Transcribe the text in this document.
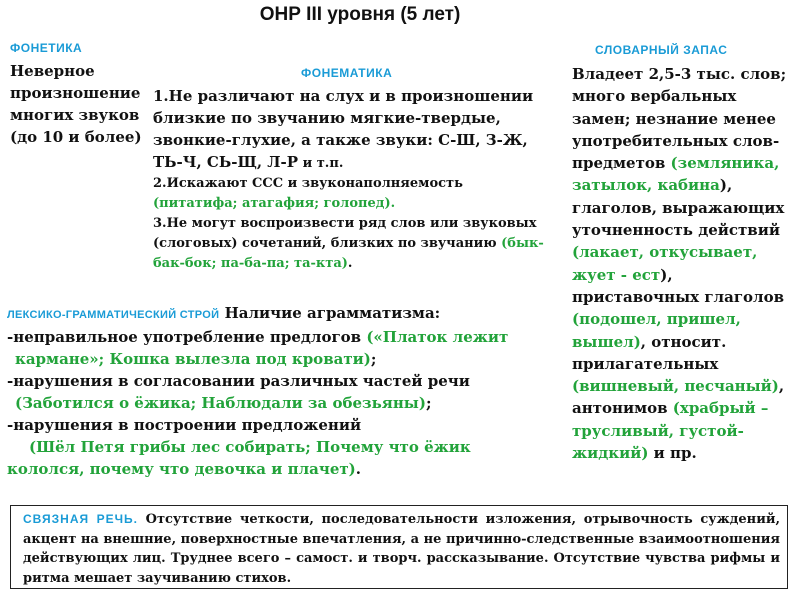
ОНР III уровня (5 лет)
ФОНЕТИКА
Неверное
произношение
многих звуков
(до 10 и более)
ФОНЕМАТИКА
1.Не различают на слух и в произношении
близкие по звучанию мягкие-твердые,
звонкие-глухие, а также звуки: С-Ш, З-Ж,
ТЬ-Ч, СЬ-Щ, Л-Р и т.п.
2.Искажают ССС и звуконаполняемость
(питатифа; атагафия; голопед).
3.Не могут воспроизвести ряд слов или звуковых
(слоговых) сочетаний, близких по звучанию (бык-
бак-бок; па-ба-па; та-кта).
СЛОВАРНЫЙ ЗАПАС
Владеет 2,5-3 тыс. слов;
много вербальных
замен; незнание менее
употребительных слов-
предметов (земляника,
затылок, кабина),
глаголов, выражающих
уточненность действий
(лакает, откусывает,
жует - ест),
приставочных глаголов
(подошел, пришел,
вышел), относит.
прилагательных
(вишневый, песчаный),
антонимов (храбрый –
трусливый, густой-
жидкий) и пр.
ЛЕКСИКО-ГРАММАТИЧЕСКИЙ СТРОЙ Наличие аграмматизма:
-неправильное употребление предлогов («Платок лежит
кармане»; Кошка вылезла под кровати);
-нарушения в согласовании различных частей речи
(Заботился о ёжика; Наблюдали за обезьяны);
-нарушения в построении предложений
(Шёл Петя грибы лес собирать; Почему что ёжик
кололся, почему что девочка и плачет).
СВЯЗНАЯ РЕЧЬ. Отсутствие четкости, последовательности изложения, отрывочность суждений, акцент на внешние, поверхностные впечатления, а не причинно-следственные взаимоотношения действующих лиц. Труднее всего – самост. и творч. рассказывание. Отсутствие чувства рифмы и ритма мешает заучиванию стихов.
